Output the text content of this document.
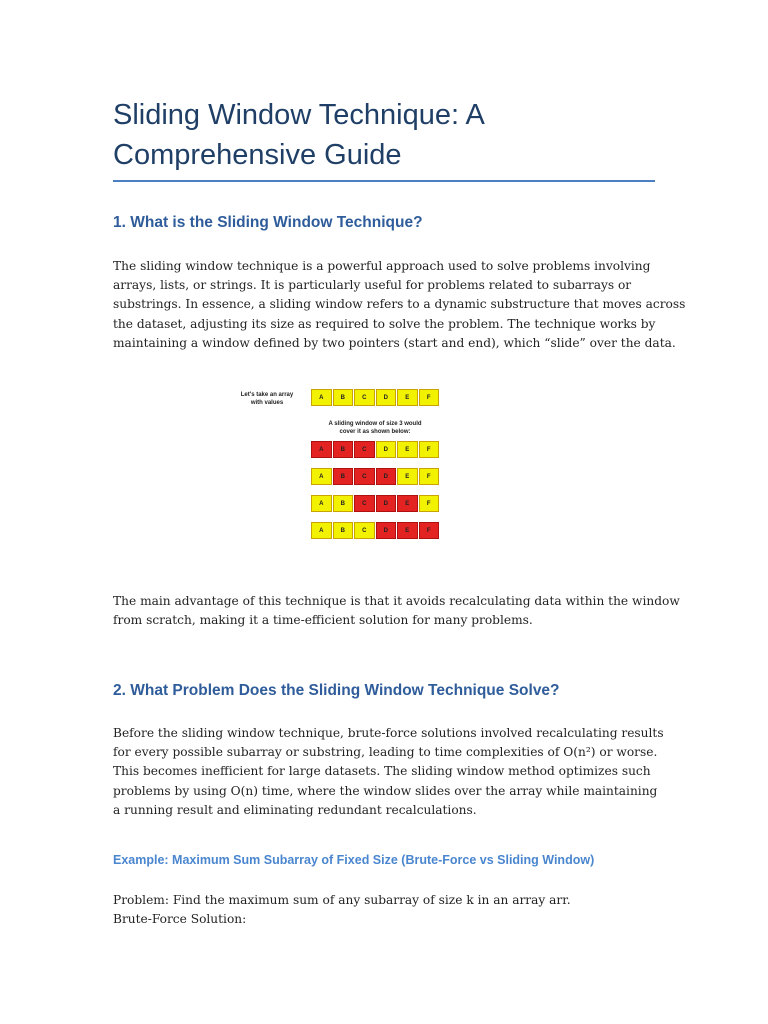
Sliding Window Technique: A
Comprehensive Guide
1. What is the Sliding Window Technique?

The sliding window technique is a powerful approach used to solve problems involving
arrays, lists, or strings. It is particularly useful for problems related to subarrays or
substrings. In essence, a sliding window refers to a dynamic substructure that moves across
the dataset, adjusting its size as required to solve the problem. The technique works by
maintaining a window defined by two pointers (start and end), which “slide” over the data.

Let's take an array
with values
A	B	C	D	E	F
A sliding window of size 3 would
cover it as shown below:
A	B	C	D	E	F
A	B	C	D	E	F
A	B	C	D	E	F
A	B	C	D	E	F

The main advantage of this technique is that it avoids recalculating data within the window
from scratch, making it a time-efficient solution for many problems.

2. What Problem Does the Sliding Window Technique Solve?

Before the sliding window technique, brute-force solutions involved recalculating results
for every possible subarray or substring, leading to time complexities of O(n²) or worse.
This becomes inefficient for large datasets. The sliding window method optimizes such
problems by using O(n) time, where the window slides over the array while maintaining
a running result and eliminating redundant recalculations.

Example: Maximum Sum Subarray of Fixed Size (Brute-Force vs Sliding Window)

Problem: Find the maximum sum of any subarray of size k in an array arr.
Brute-Force Solution:
